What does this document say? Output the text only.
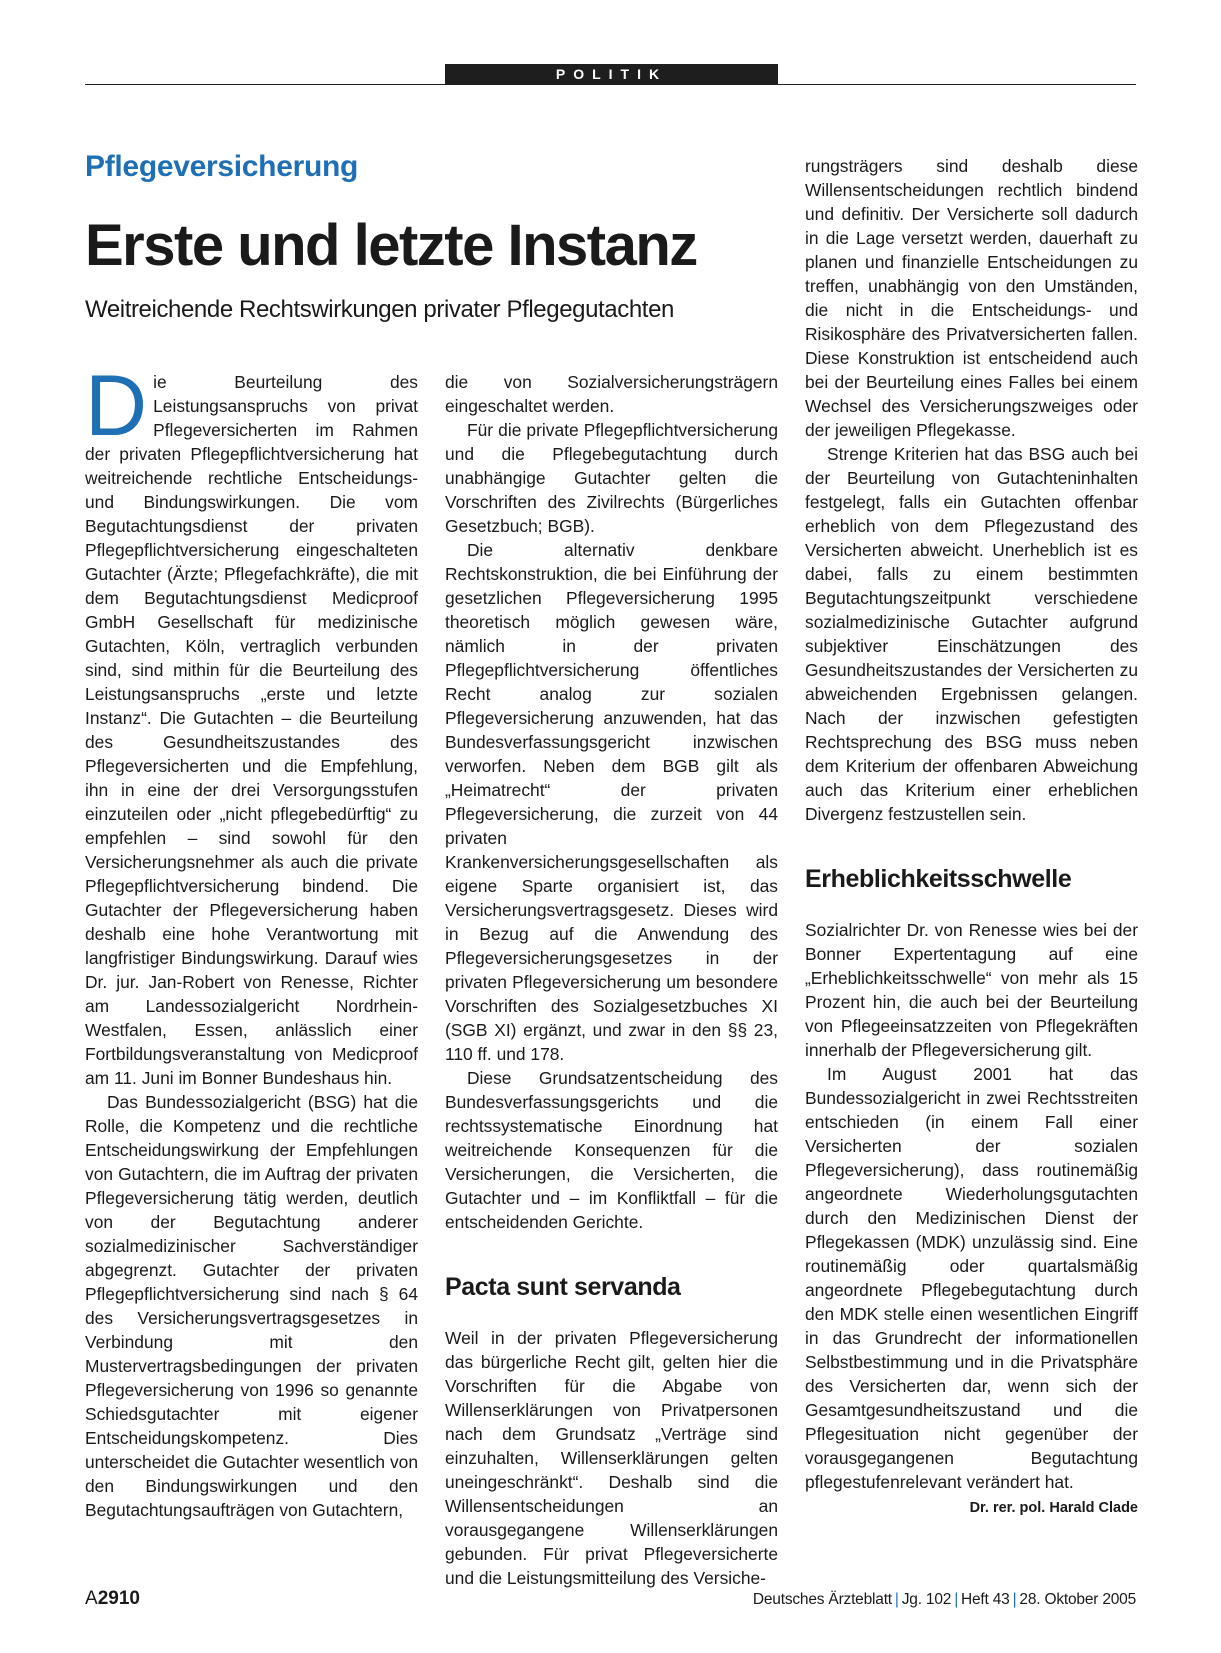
POLITIK
Pflegeversicherung
Erste und letzte Instanz
Weitreichende Rechtswirkungen privater Pflegegutachten

Die Beurteilung des Leistungsanspruchs von privat Pflegeversicherten im Rahmen der privaten Pflegepflichtversicherung hat weitreichende rechtliche Entscheidungs- und Bindungswirkungen. Die vom Begutachtungsdienst der privaten Pflegepflichtversicherung eingeschalteten Gutachter (Ärzte; Pflegefachkräfte), die mit dem Begutachtungsdienst Medicproof GmbH Gesellschaft für medizinische Gutachten, Köln, vertraglich verbunden sind, sind mithin für die Beurteilung des Leistungsanspruchs „erste und letzte Instanz“. Die Gutachten – die Beurteilung des Gesundheitszustandes des Pflegeversicherten und die Empfehlung, ihn in eine der drei Versorgungsstufen einzuteilen oder „nicht pflegebedürftig“ zu empfehlen – sind sowohl für den Versicherungsnehmer als auch die private Pflegepflichtversicherung bindend. Die Gutachter der Pflegeversicherung haben deshalb eine hohe Verantwortung mit langfristiger Bindungswirkung. Darauf wies Dr. jur. Jan-Robert von Renesse, Richter am Landessozialgericht Nordrhein-Westfalen, Essen, anlässlich einer Fortbildungsveranstaltung von Medicproof am 11. Juni im Bonner Bundeshaus hin.

Das Bundessozialgericht (BSG) hat die Rolle, die Kompetenz und die rechtliche Entscheidungswirkung der Empfehlungen von Gutachtern, die im Auftrag der privaten Pflegeversicherung tätig werden, deutlich von der Begutachtung anderer sozialmedizinischer Sachverständiger abgegrenzt. Gutachter der privaten Pflegepflichtversicherung sind nach § 64 des Versicherungsvertragsgesetzes in Verbindung mit den Mustervertragsbedingungen der privaten Pflegeversicherung von 1996 so genannte Schiedsgutachter mit eigener Entscheidungskompetenz. Dies unterscheidet die Gutachter wesentlich von den Bindungswirkungen und den Begutachtungsaufträgen von Gutachtern,

die von Sozialversicherungsträgern eingeschaltet werden.

Für die private Pflegepflichtversicherung und die Pflegebegutachtung durch unabhängige Gutachter gelten die Vorschriften des Zivilrechts (Bürgerliches Gesetzbuch; BGB).

Die alternativ denkbare Rechtskonstruktion, die bei Einführung der gesetzlichen Pflegeversicherung 1995 theoretisch möglich gewesen wäre, nämlich in der privaten Pflegepflichtversicherung öffentliches Recht analog zur sozialen Pflegeversicherung anzuwenden, hat das Bundesverfassungsgericht inzwischen verworfen. Neben dem BGB gilt als „Heimatrecht“ der privaten Pflegeversicherung, die zurzeit von 44 privaten Krankenversicherungsgesellschaften als eigene Sparte organisiert ist, das Versicherungsvertragsgesetz. Dieses wird in Bezug auf die Anwendung des Pflegeversicherungsgesetzes in der privaten Pflegeversicherung um besondere Vorschriften des Sozialgesetzbuches XI (SGB XI) ergänzt, und zwar in den §§ 23, 110 ff. und 178.

Diese Grundsatzentscheidung des Bundesverfassungsgerichts und die rechtssystematische Einordnung hat weitreichende Konsequenzen für die Versicherungen, die Versicherten, die Gutachter und – im Konfliktfall – für die entscheidenden Gerichte.

Pacta sunt servanda

Weil in der privaten Pflegeversicherung das bürgerliche Recht gilt, gelten hier die Vorschriften für die Abgabe von Willenserklärungen von Privatpersonen nach dem Grundsatz „Verträge sind einzuhalten, Willenserklärungen gelten uneingeschränkt“. Deshalb sind die Willensentscheidungen an vorausgegangene Willenserklärungen gebunden. Für privat Pflegeversicherte und die Leistungsmitteilung des Versiche-

rungsträgers sind deshalb diese Willensentscheidungen rechtlich bindend und definitiv. Der Versicherte soll dadurch in die Lage versetzt werden, dauerhaft zu planen und finanzielle Entscheidungen zu treffen, unabhängig von den Umständen, die nicht in die Entscheidungs- und Risikosphäre des Privatversicherten fallen. Diese Konstruktion ist entscheidend auch bei der Beurteilung eines Falles bei einem Wechsel des Versicherungszweiges oder der jeweiligen Pflegekasse.

Strenge Kriterien hat das BSG auch bei der Beurteilung von Gutachteninhalten festgelegt, falls ein Gutachten offenbar erheblich von dem Pflegezustand des Versicherten abweicht. Unerheblich ist es dabei, falls zu einem bestimmten Begutachtungszeitpunkt verschiedene sozialmedizinische Gutachter aufgrund subjektiver Einschätzungen des Gesundheitszustandes der Versicherten zu abweichenden Ergebnissen gelangen. Nach der inzwischen gefestigten Rechtsprechung des BSG muss neben dem Kriterium der offenbaren Abweichung auch das Kriterium einer erheblichen Divergenz festzustellen sein.

Erheblichkeitsschwelle

Sozialrichter Dr. von Renesse wies bei der Bonner Expertentagung auf eine „Erheblichkeitsschwelle“ von mehr als 15 Prozent hin, die auch bei der Beurteilung von Pflegeeinsatzzeiten von Pflegekräften innerhalb der Pflegeversicherung gilt.

Im August 2001 hat das Bundessozialgericht in zwei Rechtsstreiten entschieden (in einem Fall einer Versicherten der sozialen Pflegeversicherung), dass routinemäßig angeordnete Wiederholungsgutachten durch den Medizinischen Dienst der Pflegekassen (MDK) unzulässig sind. Eine routinemäßig oder quartalsmäßig angeordnete Pflegebegutachtung durch den MDK stelle einen wesentlichen Eingriff in das Grundrecht der informationellen Selbstbestimmung und in die Privatsphäre des Versicherten dar, wenn sich der Gesamtgesundheitszustand und die Pflegesituation nicht gegenüber der vorausgegangenen Begutachtung pflegestufenrelevant verändert hat.
Dr. rer. pol. Harald Clade

A2910	Deutsches Ärzteblatt | Jg. 102 | Heft 43 | 28. Oktober 2005
